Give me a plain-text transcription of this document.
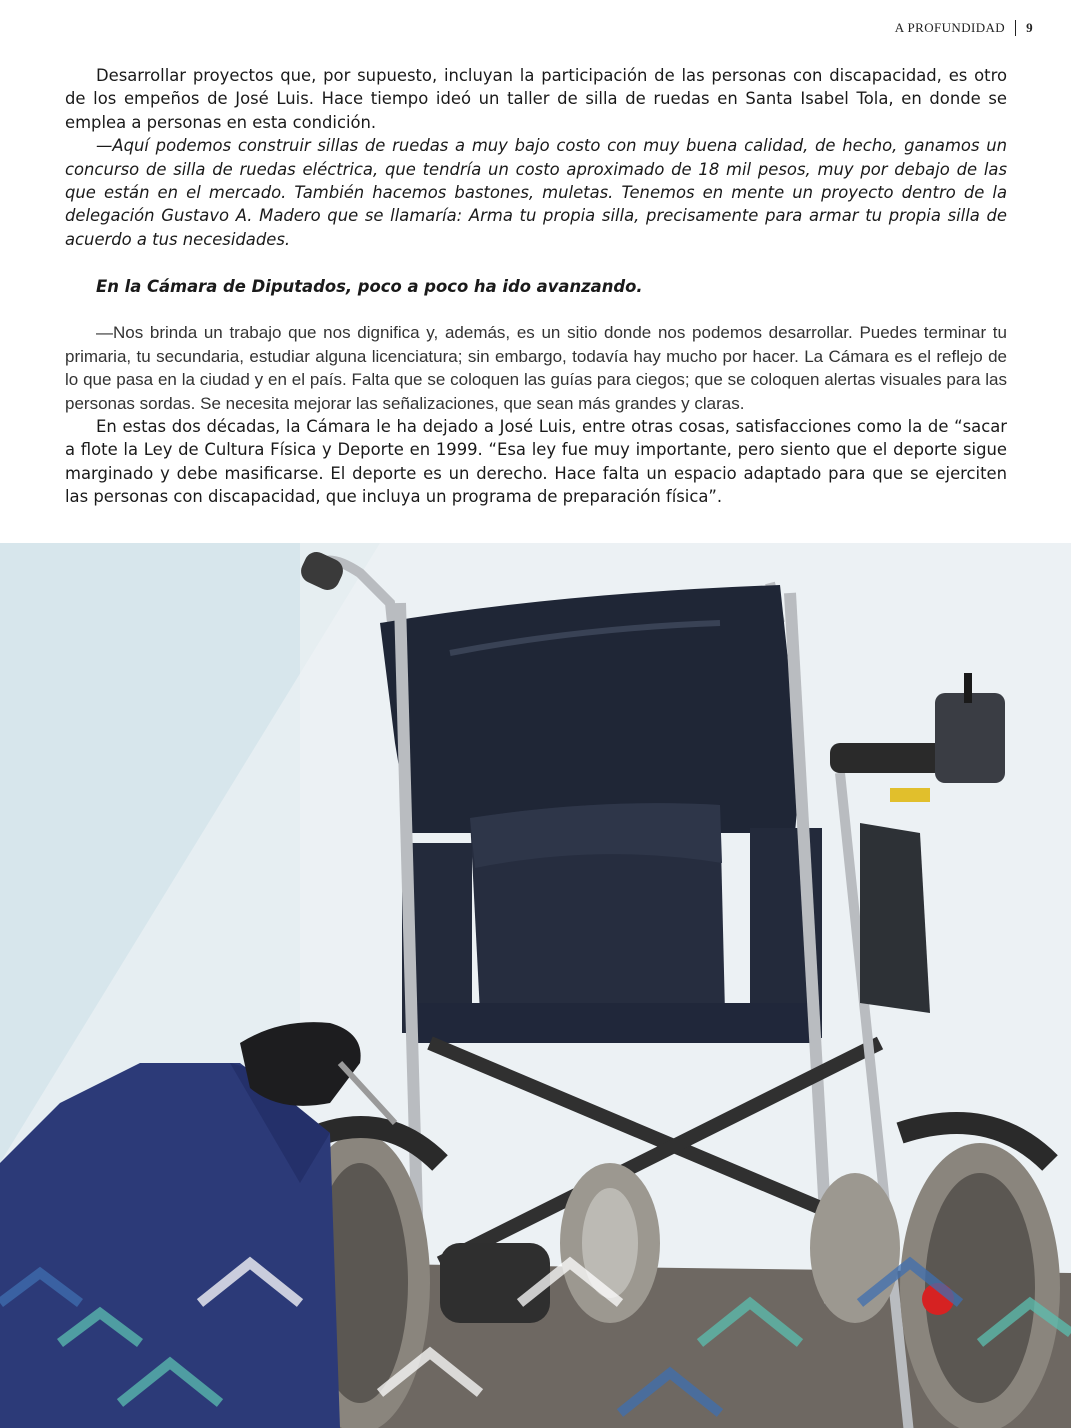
A PROFUNDIDAD 9

Desarrollar proyectos que, por supuesto, incluyan la participación de las personas con discapacidad, es otro de los empeños de José Luis. Hace tiempo ideó un taller de silla de ruedas en Santa Isabel Tola, en donde se emplea a personas en esta condición.

—Aquí podemos construir sillas de ruedas a muy bajo costo con muy buena calidad, de hecho, ganamos un concurso de silla de ruedas eléctrica, que tendría un costo aproximado de 18 mil pesos, muy por debajo de las que están en el mercado. También hacemos bastones, muletas. Tenemos en mente un proyecto dentro de la delegación Gustavo A. Madero que se llamaría: Arma tu propia silla, precisamente para armar tu propia silla de acuerdo a tus necesidades.

En la Cámara de Diputados, poco a poco ha ido avanzando.

—Nos brinda un trabajo que nos dignifica y, además, es un sitio donde nos podemos desarrollar. Puedes terminar tu primaria, tu secundaria, estudiar alguna licenciatura; sin embargo, todavía hay mucho por hacer. La Cámara es el reflejo de lo que pasa en la ciudad y en el país. Falta que se coloquen las guías para ciegos; que se coloquen alertas visuales para las personas sordas. Se necesita mejorar las señalizaciones, que sean más grandes y claras.

En estas dos décadas, la Cámara le ha dejado a José Luis, entre otras cosas, satisfacciones como la de “sacar a flote la Ley de Cultura Física y Deporte en 1999. “Esa ley fue muy importante, pero siento que el deporte sigue marginado y debe masificarse. El deporte es un derecho. Hace falta un espacio adaptado para que se ejerciten las personas con discapacidad, que incluya un programa de preparación física”.
